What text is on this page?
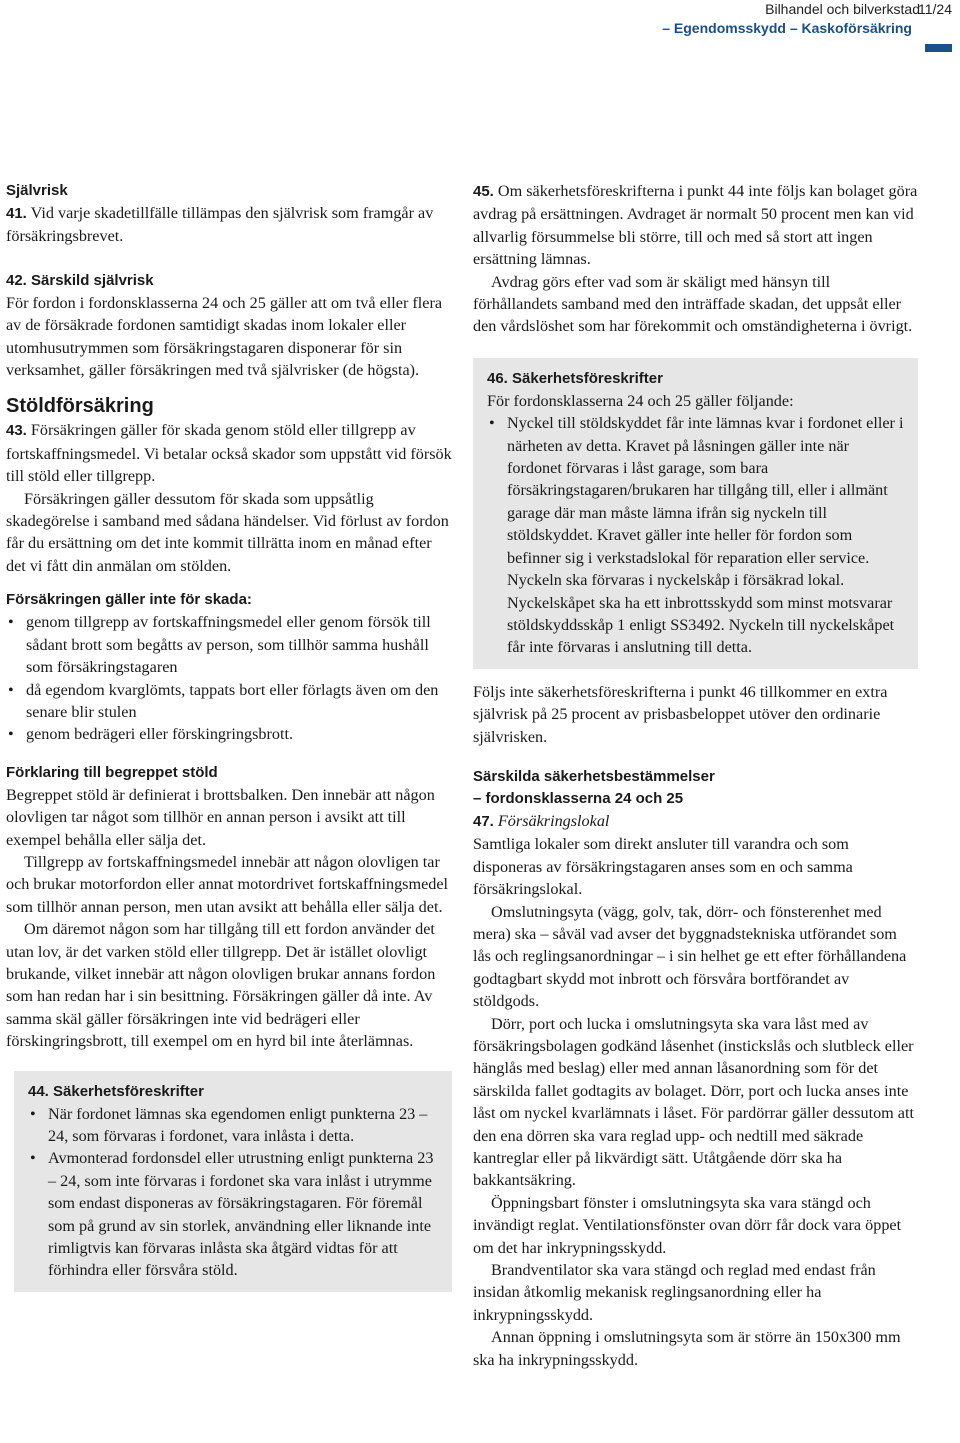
Bilhandel och bilverkstad
11/24
– Egendomsskydd – Kaskoförsäkring

Självrisk

41. Vid varje skadetillfälle tillämpas den självrisk som framgår av försäkringsbrevet.

42. Särskild självrisk

För fordon i fordonsklasserna 24 och 25 gäller att om två eller flera av de försäkrade fordonen samtidigt skadas inom lokaler eller utomhusutrymmen som försäkringstagaren disponerar för sin verksamhet, gäller försäkringen med två självrisker (de högsta).

Stöldförsäkring

43. Försäkringen gäller för skada genom stöld eller tillgrepp av fortskaffningsmedel. Vi betalar också skador som uppstått vid försök till stöld eller tillgrepp.

Försäkringen gäller dessutom för skada som uppsåtlig skadegörelse i samband med sådana händelser. Vid förlust av fordon får du ersättning om det inte kommit tillrätta inom en månad efter det vi fått din anmälan om stölden.

Försäkringen gäller inte för skada:

• genom tillgrepp av fortskaffningsmedel eller genom försök till sådant brott som begåtts av person, som tillhör samma hushåll som försäkringstagaren
• då egendom kvarglömts, tappats bort eller förlagts även om den senare blir stulen
• genom bedrägeri eller förskingringsbrott.

Förklaring till begreppet stöld

Begreppet stöld är definierat i brottsbalken. Den innebär att någon olovligen tar något som tillhör en annan person i avsikt att till exempel behålla eller sälja det.

Tillgrepp av fortskaffningsmedel innebär att någon olovligen tar och brukar motorfordon eller annat motordrivet fortskaffningsmedel som tillhör annan person, men utan avsikt att behålla eller sälja det.

Om däremot någon som har tillgång till ett fordon använder det utan lov, är det varken stöld eller tillgrepp. Det är istället olovligt brukande, vilket innebär att någon olovligen brukar annans fordon som han redan har i sin besittning. Försäkringen gäller då inte. Av samma skäl gäller försäkringen inte vid bedrägeri eller förskingringsbrott, till exempel om en hyrd bil inte återlämnas.

44. Säkerhetsföreskrifter

• När fordonet lämnas ska egendomen enligt punkterna 23 – 24, som förvaras i fordonet, vara inlåsta i detta.
• Avmonterad fordonsdel eller utrustning enligt punkterna 23 – 24, som inte förvaras i fordonet ska vara inlåst i utrymme som endast disponeras av försäkringstagaren. För föremål som på grund av sin storlek, användning eller liknande inte rimligtvis kan förvaras inlåsta ska åtgärd vidtas för att förhindra eller försvåra stöld.

45. Om säkerhetsföreskrifterna i punkt 44 inte följs kan bolaget göra avdrag på ersättningen. Avdraget är normalt 50 procent men kan vid allvarlig försummelse bli större, till och med så stort att ingen ersättning lämnas.

Avdrag görs efter vad som är skäligt med hänsyn till förhållandets samband med den inträffade skadan, det uppsåt eller den vårdslöshet som har förekommit och omständigheterna i övrigt.

46. Säkerhetsföreskrifter

För fordonsklasserna 24 och 25 gäller följande:

• Nyckel till stöldskyddet får inte lämnas kvar i fordonet eller i närheten av detta. Kravet på låsningen gäller inte när fordonet förvaras i låst garage, som bara försäkringstagaren/brukaren har tillgång till, eller i allmänt garage där man måste lämna ifrån sig nyckeln till stöldskyddet. Kravet gäller inte heller för fordon som befinner sig i verkstadslokal för reparation eller service. Nyckeln ska förvaras i nyckelskåp i försäkrad lokal. Nyckelskåpet ska ha ett inbrottsskydd som minst motsvarar stöldskyddsskåp 1 enligt SS3492. Nyckeln till nyckelskåpet får inte förvaras i anslutning till detta.

Följs inte säkerhetsföreskrifterna i punkt 46 tillkommer en extra självrisk på 25 procent av prisbasbeloppet utöver den ordinarie självrisken.

Särskilda säkerhetsbestämmelser

– fordonsklasserna 24 och 25

47. Försäkringslokal

Samtliga lokaler som direkt ansluter till varandra och som disponeras av försäkringstagaren anses som en och samma försäkringslokal.

Omslutningsyta (vägg, golv, tak, dörr- och fönsterenhet med mera) ska – såväl vad avser det byggnadstekniska utförandet som lås och reglingsanordningar – i sin helhet ge ett efter förhållandena godtagbart skydd mot inbrott och försvåra bortförandet av stöldgods.

Dörr, port och lucka i omslutningsyta ska vara låst med av försäkringsbolagen godkänd låsenhet (instickslås och slutbleck eller hänglås med beslag) eller med annan låsanordning som för det särskilda fallet godtagits av bolaget. Dörr, port och lucka anses inte låst om nyckel kvarlämnats i låset. För pardörrar gäller dessutom att den ena dörren ska vara reglad upp- och nedtill med säkrade kantreglar eller på likvärdigt sätt. Utåtgående dörr ska ha bakkantsäkring.

Öppningsbart fönster i omslutningsyta ska vara stängd och invändigt reglat. Ventilationsfönster ovan dörr får dock vara öppet om det har inkrypningsskydd.

Brandventilator ska vara stängd och reglad med endast från insidan åtkomlig mekanisk reglingsanordning eller ha inkrypningsskydd.

Annan öppning i omslutningsyta som är större än 150x300 mm ska ha inkrypningsskydd.
